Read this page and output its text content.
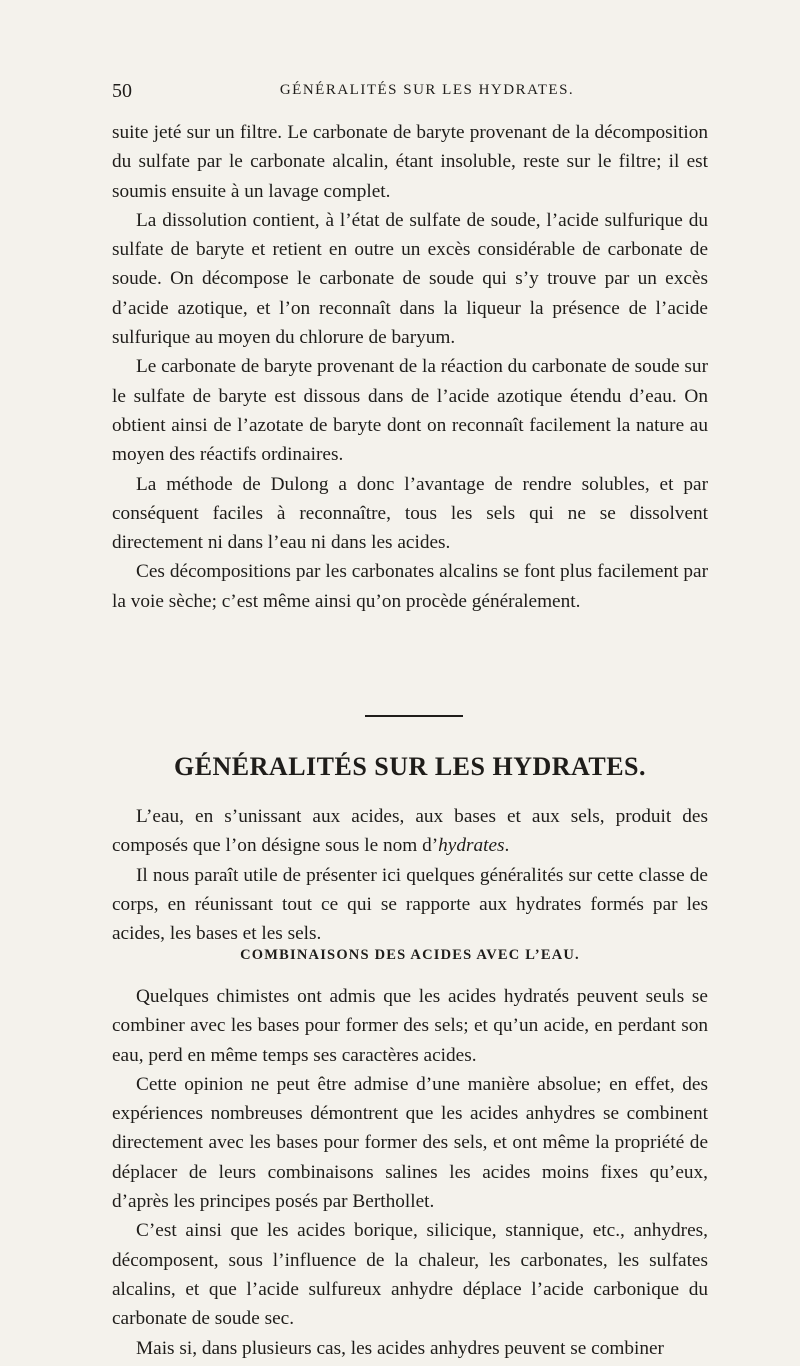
50	GÉNÉRALITÉS SUR LES HYDRATES.

suite jeté sur un filtre. Le carbonate de baryte provenant de la décomposition du sulfate par le carbonate alcalin, étant insoluble, reste sur le filtre; il est soumis ensuite à un lavage complet.

La dissolution contient, à l’état de sulfate de soude, l’acide sulfurique du sulfate de baryte et retient en outre un excès considérable de carbonate de soude. On décompose le carbonate de soude qui s’y trouve par un excès d’acide azotique, et l’on reconnaît dans la liqueur la présence de l’acide sulfurique au moyen du chlorure de baryum.

Le carbonate de baryte provenant de la réaction du carbonate de soude sur le sulfate de baryte est dissous dans de l’acide azotique étendu d’eau. On obtient ainsi de l’azotate de baryte dont on reconnaît facilement la nature au moyen des réactifs ordinaires.

La méthode de Dulong a donc l’avantage de rendre solubles, et par conséquent faciles à reconnaître, tous les sels qui ne se dissolvent directement ni dans l’eau ni dans les acides.

Ces décompositions par les carbonates alcalins se font plus facilement par la voie sèche; c’est même ainsi qu’on procède généralement.

GÉNÉRALITÉS SUR LES HYDRATES.

L’eau, en s’unissant aux acides, aux bases et aux sels, produit des composés que l’on désigne sous le nom d’hydrates.

Il nous paraît utile de présenter ici quelques généralités sur cette classe de corps, en réunissant tout ce qui se rapporte aux hydrates formés par les acides, les bases et les sels.

COMBINAISONS DES ACIDES AVEC L’EAU.

Quelques chimistes ont admis que les acides hydratés peuvent seuls se combiner avec les bases pour former des sels; et qu’un acide, en perdant son eau, perd en même temps ses caractères acides.

Cette opinion ne peut être admise d’une manière absolue; en effet, des expériences nombreuses démontrent que les acides anhydres se combinent directement avec les bases pour former des sels, et ont même la propriété de déplacer de leurs combinaisons salines les acides moins fixes qu’eux, d’après les principes posés par Berthollet.

C’est ainsi que les acides borique, silicique, stannique, etc., anhydres, décomposent, sous l’influence de la chaleur, les carbonates, les sulfates alcalins, et que l’acide sulfureux anhydre déplace l’acide carbonique du carbonate de soude sec.

Mais si, dans plusieurs cas, les acides anhydres peuvent se combiner
